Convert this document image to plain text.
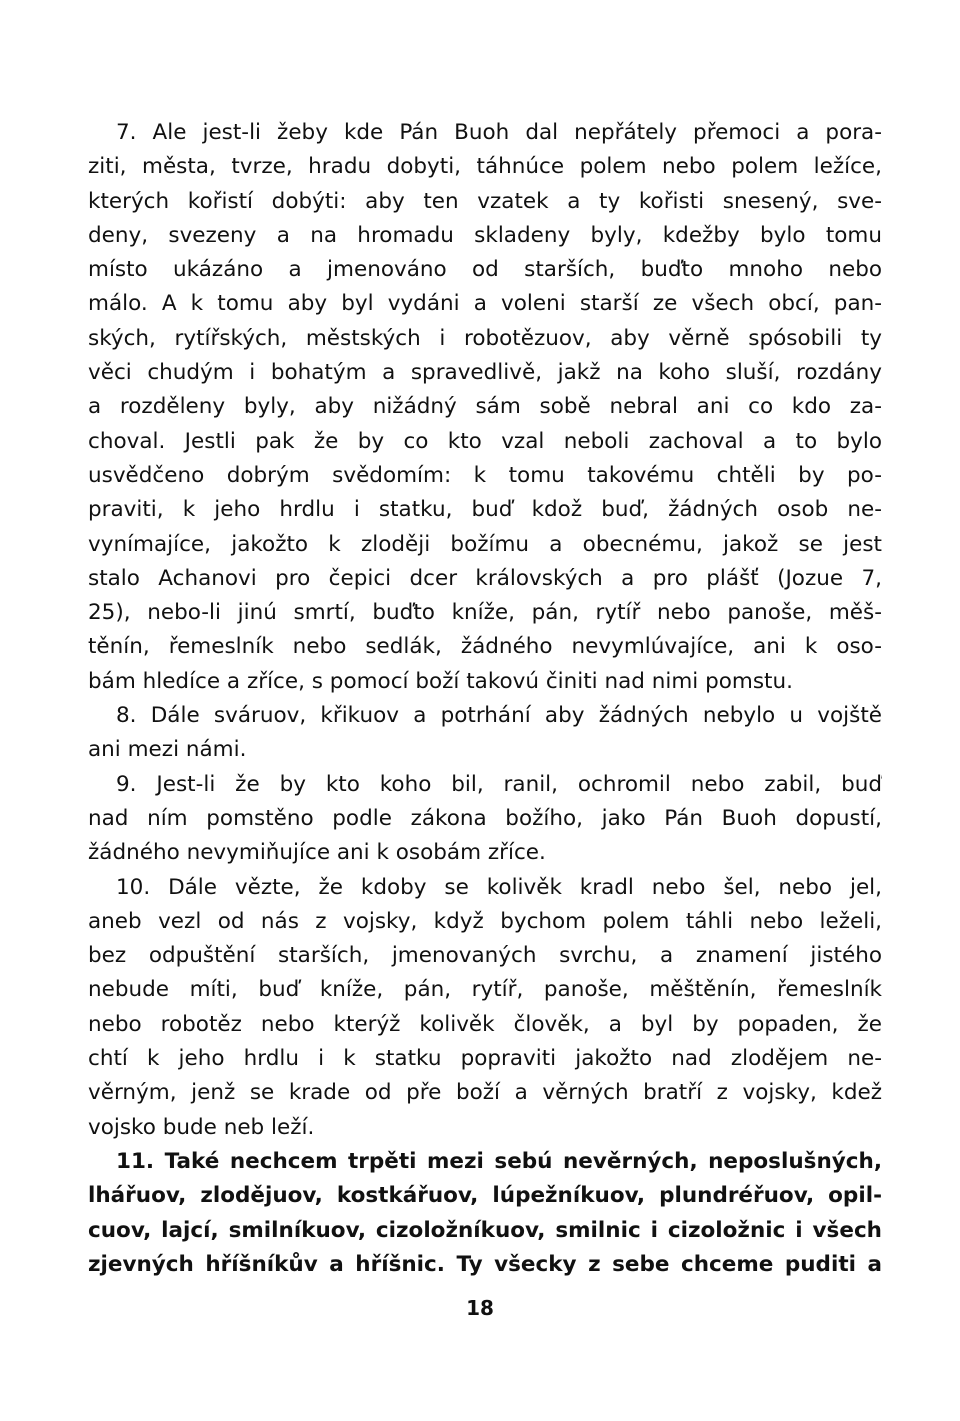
7. Ale jest-li žeby kde Pán Buoh dal nepřátely přemoci a pora-
ziti, města, tvrze, hradu dobyti, táhnúce polem nebo polem ležíce,
kterých kořistí dobýti: aby ten vzatek a ty kořisti snesený, sve-
deny, svezeny a na hromadu skladeny byly, kdežby bylo tomu
místo ukázáno a jmenováno od starších, buďto mnoho nebo
málo. A k tomu aby byl vydáni a voleni starší ze všech obcí, pan-
ských, rytířských, městských i robotězuov, aby věrně spósobili ty
věci chudým i bohatým a spravedlivě, jakž na koho sluší, rozdány
a rozděleny byly, aby nižádný sám sobě nebral ani co kdo za-
choval. Jestli pak že by co kto vzal neboli zachoval a to bylo
usvědčeno dobrým svědomím: k tomu takovému chtěli by po-
praviti, k jeho hrdlu i statku, buď kdož buď, žádných osob ne-
vynímajíce, jakožto k zloději božímu a obecnému, jakož se jest
stalo Achanovi pro čepici dcer královských a pro plášť (Jozue 7,
25), nebo-li jinú smrtí, buďto kníže, pán, rytíř nebo panoše, měš-
těnín, řemeslník nebo sedlák, žádného nevymlúvajíce, ani k oso-
bám hledíce a zříce, s pomocí boží takovú činiti nad nimi pomstu.
8. Dále sváruov, křikuov a potrhání aby žádných nebylo u vojště
ani mezi námi.
9. Jest-li že by kto koho bil, ranil, ochromil nebo zabil, buď
nad ním pomstěno podle zákona božího, jako Pán Buoh dopustí,
žádného nevymiňujíce ani k osobám zříce.
10. Dále vězte, že kdoby se kolivěk kradl nebo šel, nebo jel,
aneb vezl od nás z vojsky, když bychom polem táhli nebo leželi,
bez odpuštění starších, jmenovaných svrchu, a znamení jistého
nebude míti, buď kníže, pán, rytíř, panoše, měštěnín, řemeslník
nebo robotěz nebo kterýž kolivěk člověk, a byl by popaden, že
chtí k jeho hrdlu i k statku popraviti jakožto nad zlodějem ne-
věrným, jenž se krade od pře boží a věrných bratří z vojsky, kdež
vojsko bude neb leží.
11. Také nechcem trpěti mezi sebú nevěrných, neposlušných,
lhářuov, zlodějuov, kostkářuov, lúpežníkuov, plundréřuov, opil-
cuov, lajcí, smilníkuov, cizoložníkuov, smilnic i cizoložnic i všech
zjevných hříšníkův a hříšnic. Ty všecky z sebe chceme puditi a
18
